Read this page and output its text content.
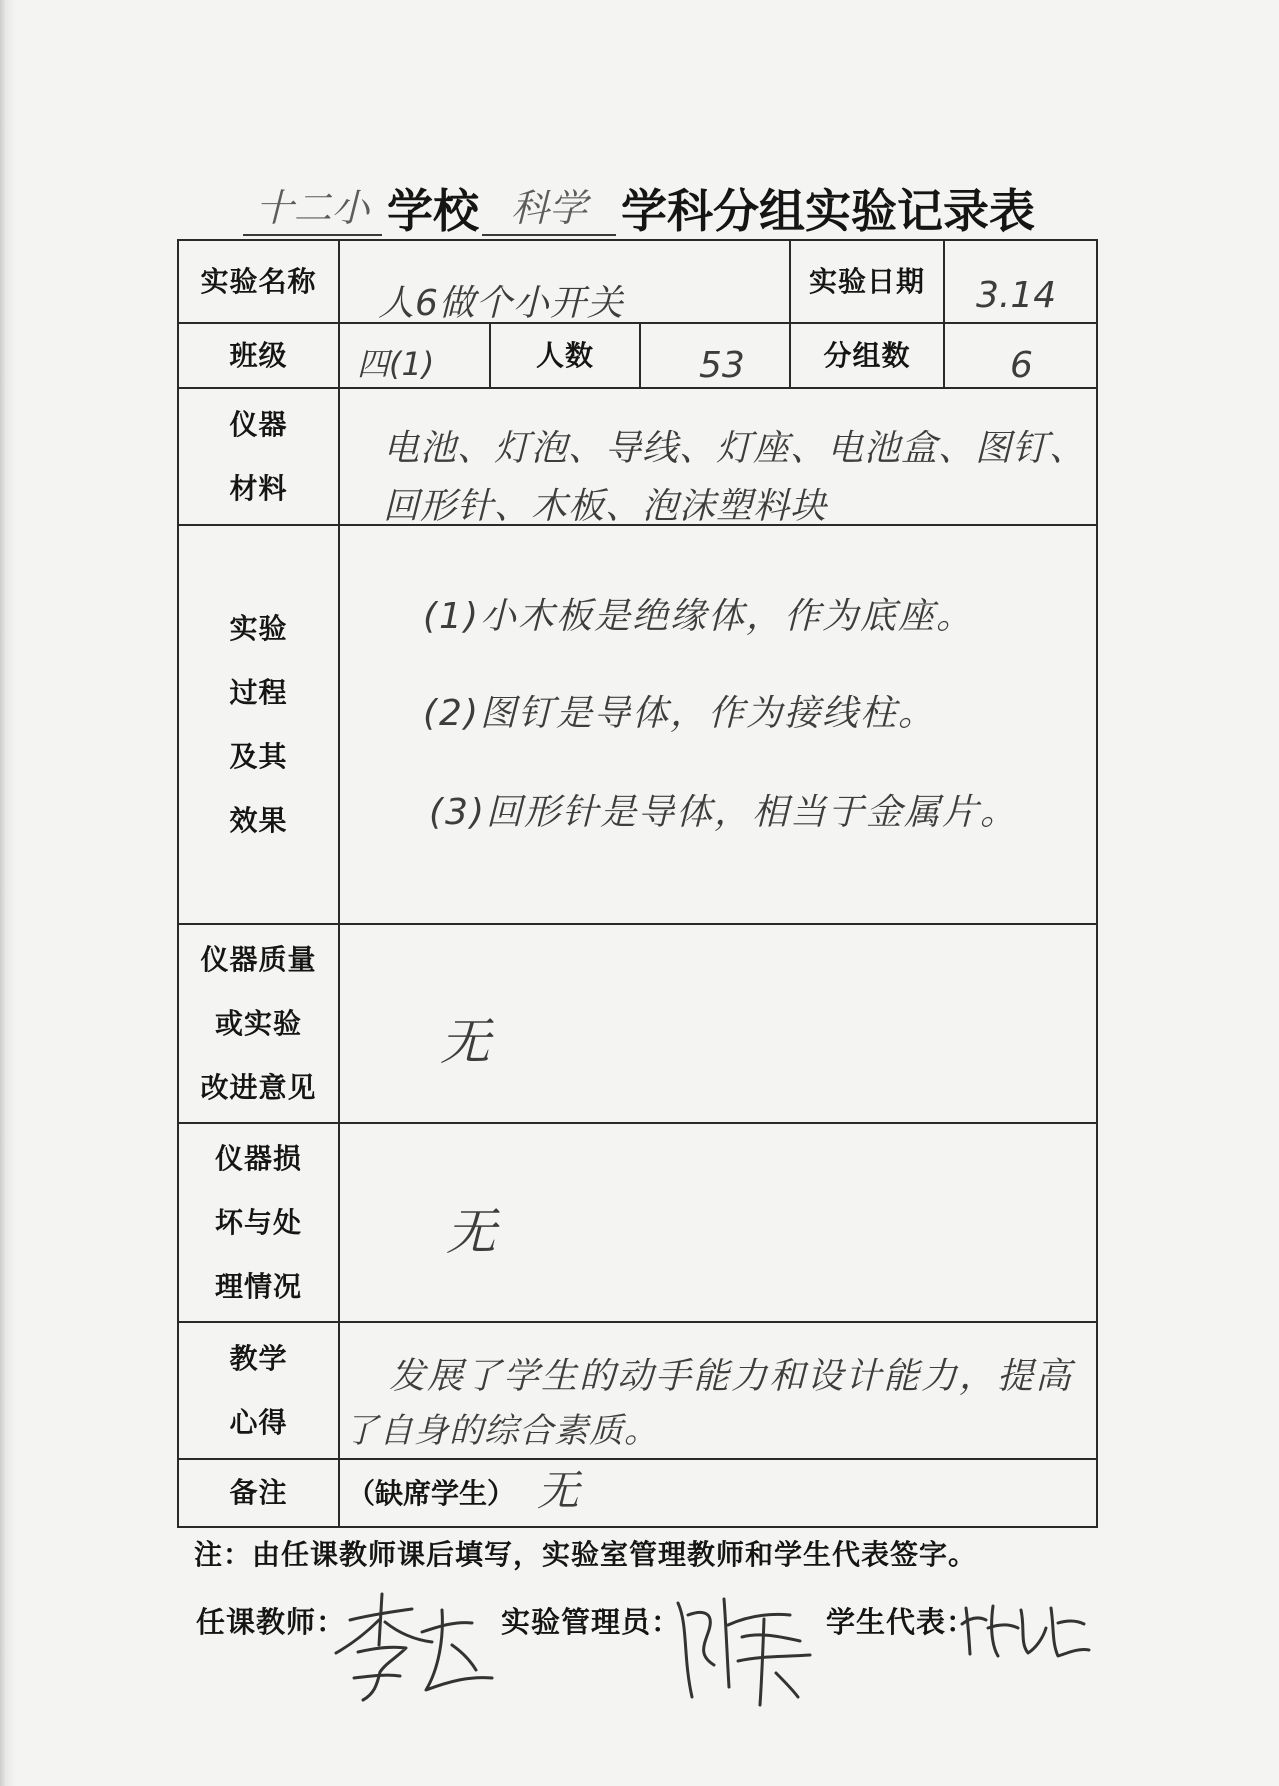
十二小 学校 科学 学科分组实验记录表
实验名称	人6做个小开关			实验日期	3.14

班级	四(1)	人数	53	分组数	6

仪器
材料	电池、灯泡、导线、灯座、电池盒、图钉、
回形针、木板、泡沫塑料块				

实验
过程
及其
效果	(1)小木板是绝缘体，作为底座。
(2)图钉是导体，作为接线柱。
(3)回形针是导体，相当于金属片。				

仪器质量
或实验
改进意见	无				

仪器损
坏与处
理情况	无				

教学
心得	发展了学生的动手能力和设计能力，提高
了自身的综合素质。				

备注	（缺席学生） 无				
注：由任课教师课后填写，实验室管理教师和学生代表签字。
任课教师：	实验管理员：	学生代表：
